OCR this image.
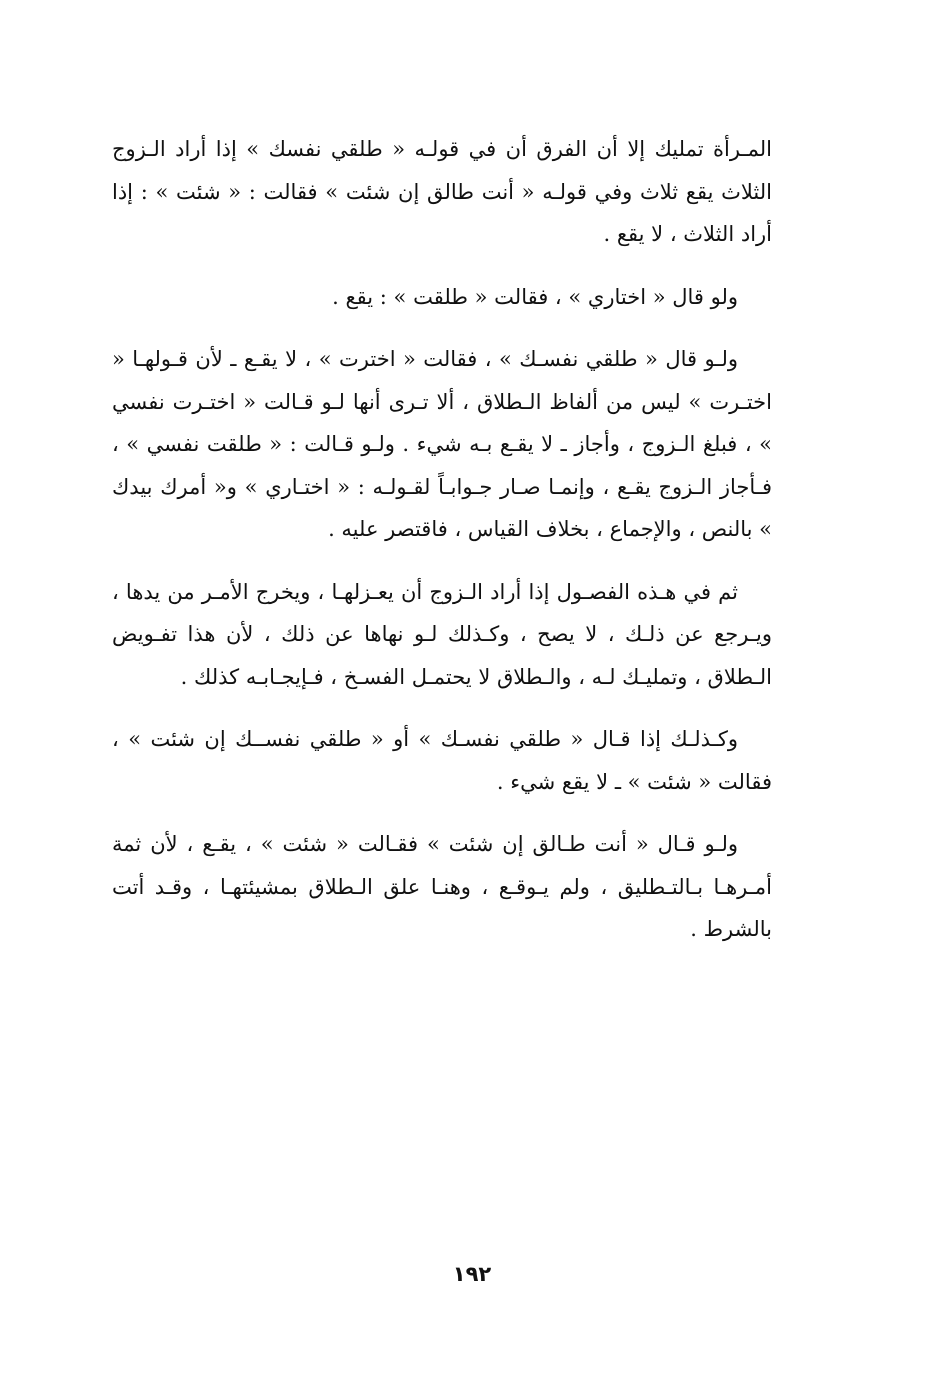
المـرأة تمليك إلا أن الفرق أن في قولـه « طلقي نفسك » إذا أراد الـزوج الثلاث يقع ثلاث وفي قولـه « أنت طالق إن شئت » فقالت : « شئت » : إذا أراد الثلاث ، لا يقع .

ولو قال « اختاري » ، فقالت « طلقت » : يقع .

ولـو قال « طلقي نفسـك » ، فقالت « اخترت » ، لا يقـع ـ لأن قـولهـا « اختـرت » ليس من ألفاظ الـطلاق ، ألا تـرى أنها لـو قـالت « اختـرت نفسي » ، فبلغ الـزوج ، وأجاز ـ لا يقـع بـه شيء . ولـو قـالت : « طلقت نفسي » ، فـأجاز الـزوج يقـع ، وإنمـا صـار جـوابـاً لقـولـه : « اختـاري » و« أمرك بيدك » بالنص ، والإجماع ، بخلاف القياس ، فاقتصر عليه .

ثم في هـذه الفصـول إذا أراد الـزوج أن يعـزلهـا ، ويخرج الأمـر من يدها ، ويـرجع عن ذلـك ، لا يصح ، وكـذلك لـو نهاها عن ذلك ، لأن هذا تفـويض الـطلاق ، وتمليـك لـه ، والـطلاق لا يحتمـل الفسـخ ، فـإيجـابـه كذلك .

وكـذلـك إذا قـال « طلقي نفسـك » أو « طلقي نفســك إن شئت » ، فقالت « شئت » ـ لا يقع شيء .

ولـو قـال « أنت طـالق إن شئت » فقـالت « شئت » ، يقـع ، لأن ثمة أمـرهـا بـالتـطليق ، ولم يـوقـع ، وهنـا علق الـطلاق بمشيئتهـا ، وقـد أتت بالشرط .

١٩٢
